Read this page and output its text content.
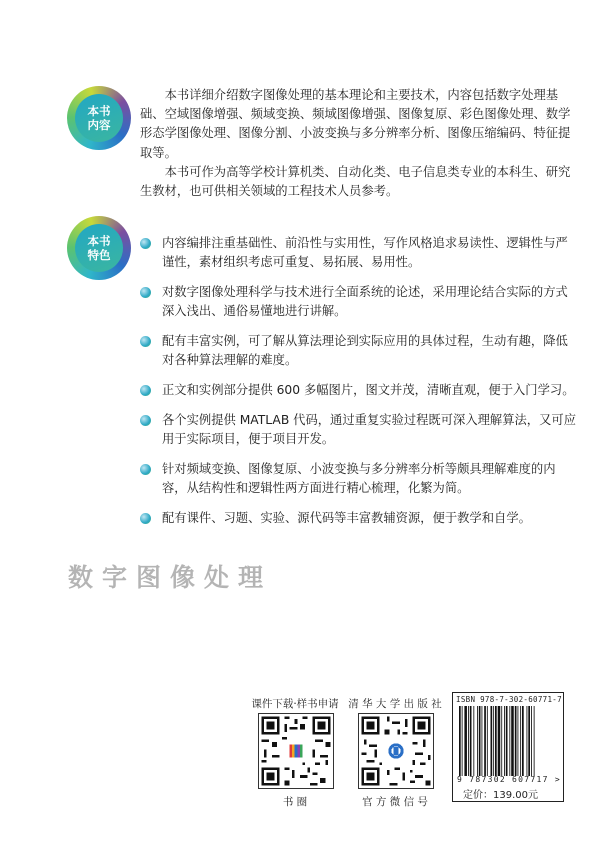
本书
内容

本书详细介绍数字图像处理的基本理论和主要技术，内容包括数字处理基础、空域图像增强、频域变换、频域图像增强、图像复原、彩色图像处理、数学形态学图像处理、图像分割、小波变换与多分辨率分析、图像压缩编码、特征提取等。

本书可作为高等学校计算机类、自动化类、电子信息类专业的本科生、研究生教材，也可供相关领域的工程技术人员参考。

本书
特色
内容编排注重基础性、前沿性与实用性，写作风格追求易读性、逻辑性与严谨性，素材组织考虑可重复、易拓展、易用性。
对数字图像处理科学与技术进行全面系统的论述，采用理论结合实际的方式深入浅出、通俗易懂地进行讲解。
配有丰富实例，可了解从算法理论到实际应用的具体过程，生动有趣，降低对各种算法理解的难度。
正文和实例部分提供 600 多幅图片，图文并茂，清晰直观，便于入门学习。
各个实例提供 MATLAB 代码，通过重复实验过程既可深入理解算法，又可应用于实际项目，便于项目开发。
针对频域变换、图像复原、小波变换与多分辨率分析等颇具理解难度的内容，从结构性和逻辑性两方面进行精心梳理，化繁为简。
配有课件、习题、实验、源代码等丰富教辅资源，便于教学和自学。
数字图像处理
课件下载·样书申请
书 圈
清 华 大 学 出 版 社
官 方 微 信 号
ISBN 978-7-302-60771-7
9 787302 607717 >
定价：139.00元
